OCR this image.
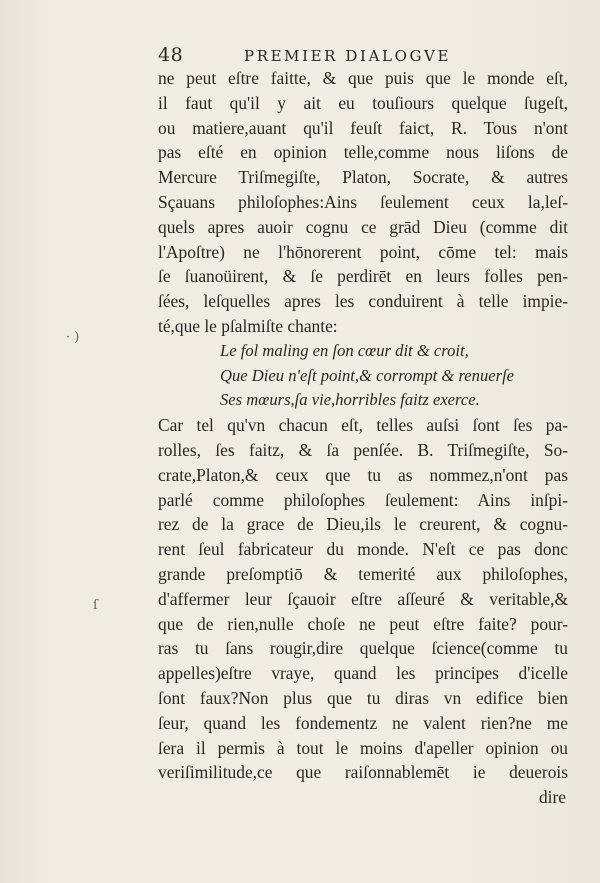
48	PREMIER DIALOGVE
· )
ſ
ne peut eſtre faitte, & que puis que le monde eſt,
il faut qu'il y ait eu touſiours quelque ſugeſt,
ou matiere,auant qu'il feuſt faict, R. Tous n'ont
pas eſté en opinion telle,comme nous liſons de
Mercure Triſmegiſte, Platon, Socrate, & autres
Sçauans philoſophes:Ains ſeulement ceux la,leſ-
quels apres auoir cognu ce grād Dieu (comme dit
l'Apoſtre) ne l'hōnorerent point, cōme tel: mais
ſe ſuanoüirent, & ſe perdirēt en leurs folles pen-
ſées, leſquelles apres les conduirent à telle impie-
té,que le pſalmiſte chante:
Le fol maling en ſon cœur dit & croit,
Que Dieu n'eſt point,& corrompt & renuerſe
Ses mœurs,ſa vie,horribles faitz exerce.
Car tel qu'vn chacun eſt, telles auſsi ſont ſes pa-
rolles, ſes faitz, & ſa penſée. B. Triſmegiſte, So-
crate,Platon,& ceux que tu as nommez,n'ont pas
parlé comme philoſophes ſeulement: Ains inſpi-
rez de la grace de Dieu,ils le creurent, & cognu-
rent ſeul fabricateur du monde. N'eſt ce pas donc
grande preſomptiō & temerité aux philoſophes,
d'affermer leur ſçauoir eſtre aſſeuré & veritable,&
que de rien,nulle choſe ne peut eſtre faite? pour-
ras tu ſans rougir,dire quelque ſcience(comme tu
appelles)eſtre vraye, quand les principes d'icelle
ſont faux?Non plus que tu diras vn edifice bien
ſeur, quand les fondementz ne valent rien?ne me
ſera il permis à tout le moins d'apeller opinion ou
veriſimilitude,ce que raiſonnablemēt ie deuerois
dire
